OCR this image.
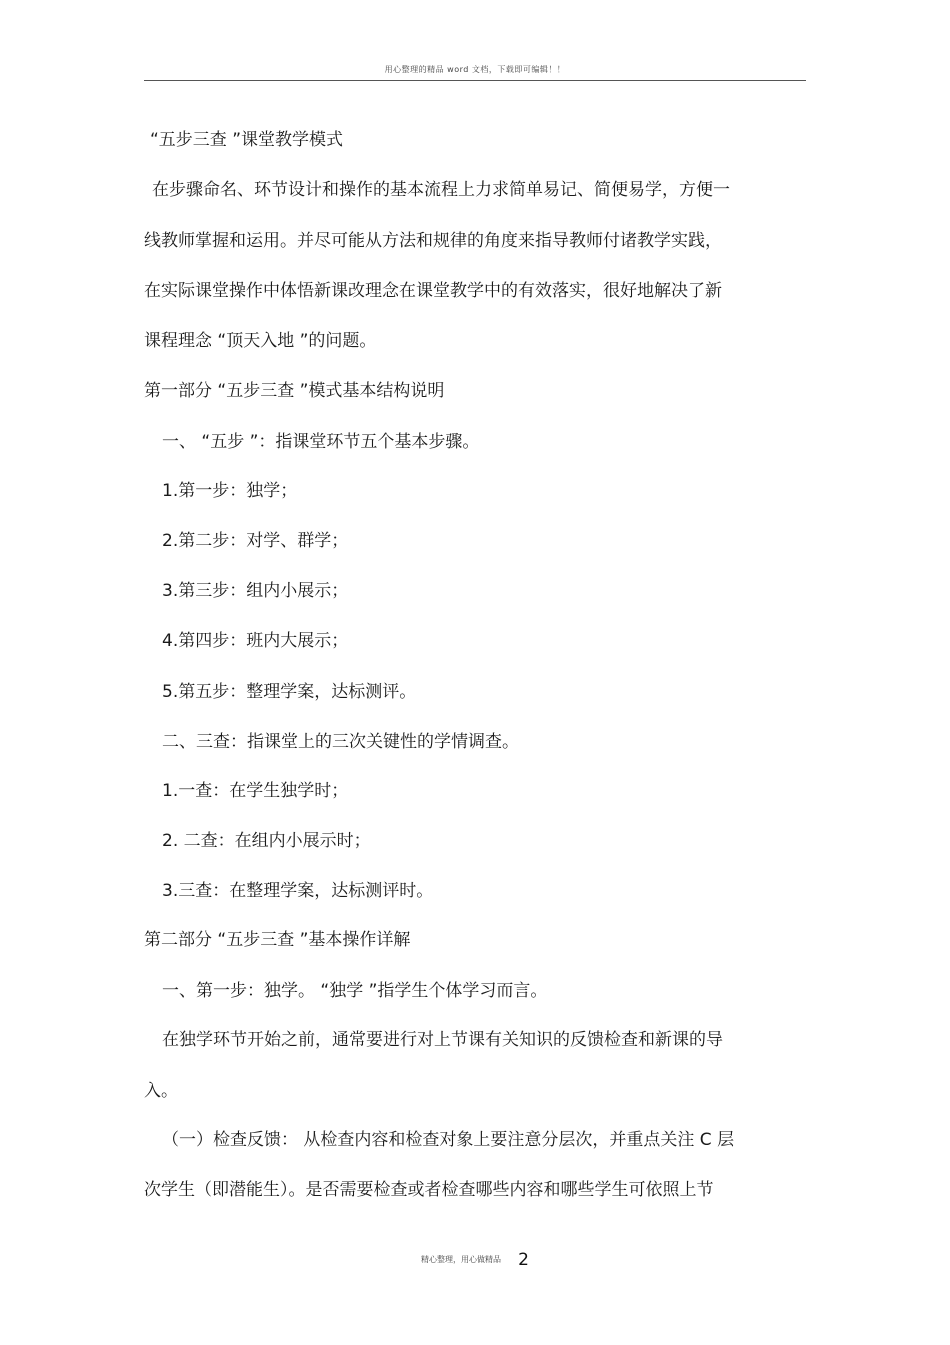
用心整理的精品 word 文档，下载即可编辑！！
“五步三查 ”课堂教学模式
在步骤命名、环节设计和操作的基本流程上力求简单易记、简便易学，方便一
线教师掌握和运用。并尽可能从方法和规律的角度来指导教师付诸教学实践，
在实际课堂操作中体悟新课改理念在课堂教学中的有效落实，很好地解决了新
课程理念 “顶天入地 ”的问题。
第一部分 “五步三查 ”模式基本结构说明
一、 “五步 ”：指课堂环节五个基本步骤。
1.第一步：独学；
2.第二步：对学、群学；
3.第三步：组内小展示；
4.第四步：班内大展示；
5.第五步：整理学案，达标测评。
二、三查：指课堂上的三次关键性的学情调查。
1.一查：在学生独学时；
2. 二查：在组内小展示时；
3.三查：在整理学案，达标测评时。
第二部分 “五步三查 ”基本操作详解
一、第一步：独学。 “独学 ”指学生个体学习而言。
在独学环节开始之前，通常要进行对上节课有关知识的反馈检查和新课的导
入。
（一）检查反馈： 从检查内容和检查对象上要注意分层次，并重点关注 C 层
次学生（即潜能生）。是否需要检查或者检查哪些内容和哪些学生可依照上节
精心整理，用心做精品 2
